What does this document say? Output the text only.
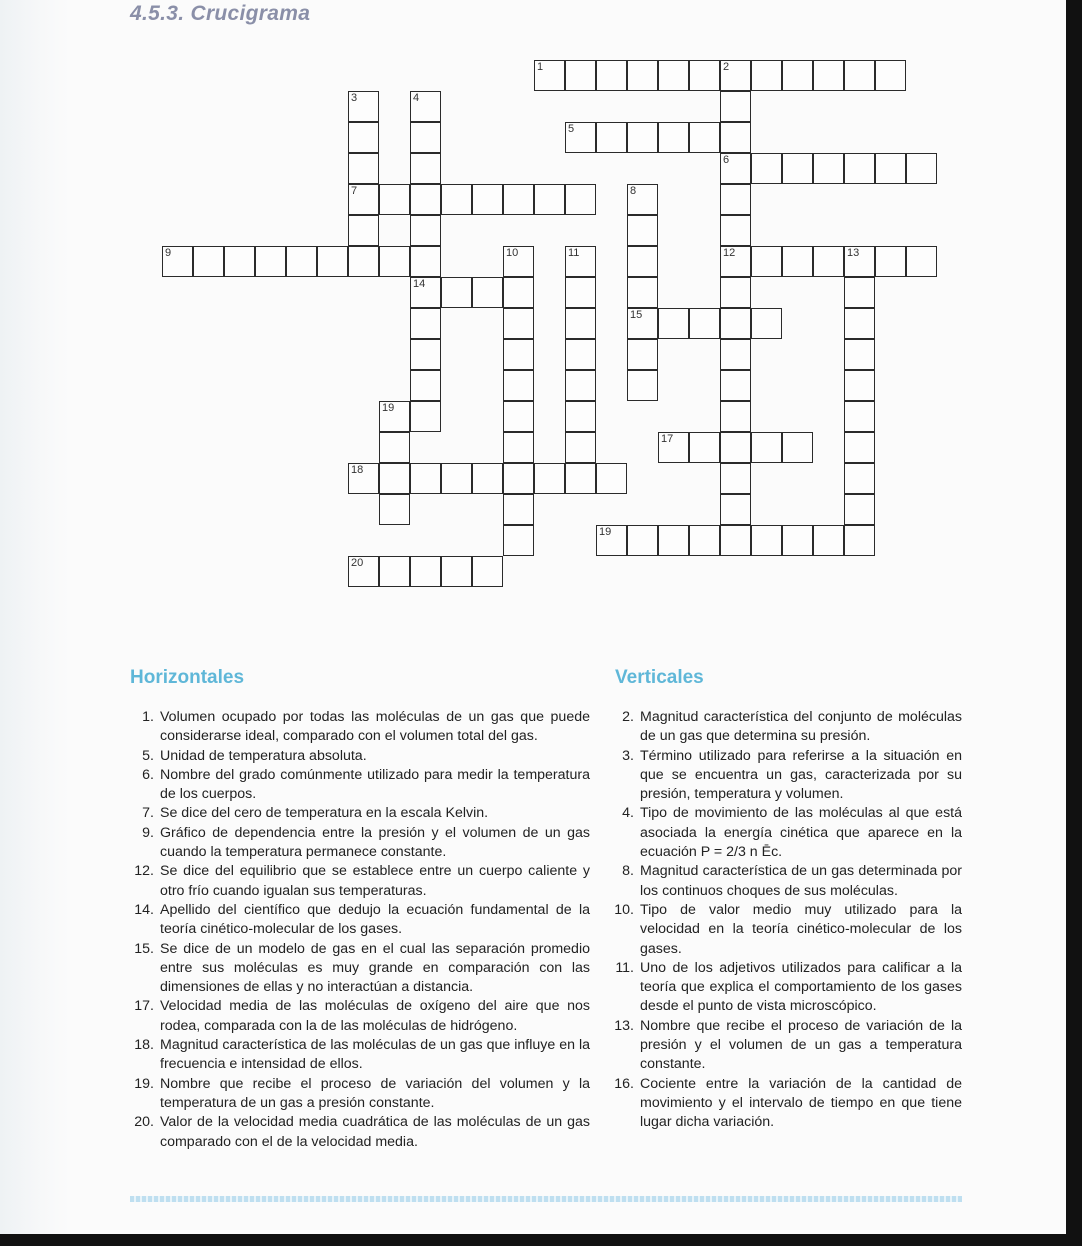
4.5.3. Crucigrama
1	2
6
12
3
7
4
14
5
8
15
9	10	11	13
17
18
19
19
20
Horizontales	Verticales
1. Volumen ocupado por todas las moléculas de un gas que puede considerarse ideal, comparado con el volumen total del gas.
5. Unidad de temperatura absoluta.
6. Nombre del grado comúnmente utilizado para medir la temperatura de los cuerpos.
7. Se dice del cero de temperatura en la escala Kelvin.
9. Gráfico de dependencia entre la presión y el volumen de un gas cuando la temperatura permanece constante.
12. Se dice del equilibrio que se establece entre un cuerpo caliente y otro frío cuando igualan sus temperaturas.
14. Apellido del científico que dedujo la ecuación fundamental de la teoría cinético-molecular de los gases.
15. Se dice de un modelo de gas en el cual las separación promedio entre sus moléculas es muy grande en comparación con las dimensiones de ellas y no interactúan a distancia.
17. Velocidad media de las moléculas de oxígeno del aire que nos rodea, comparada con la de las moléculas de hidrógeno.
18. Magnitud característica de las moléculas de un gas que influye en la frecuencia e intensidad de ellos.
19. Nombre que recibe el proceso de variación del volumen y la temperatura de un gas a presión constante.
20. Valor de la velocidad media cuadrática de las moléculas de un gas comparado con el de la velocidad media.
2. Magnitud característica del conjunto de moléculas de un gas que determina su presión.
3. Término utilizado para referirse a la situación en que se encuentra un gas, caracterizada por su presión, temperatura y volumen.
4. Tipo de movimiento de las moléculas al que está asociada la energía cinética que aparece en la ecuación P = 2/3 n Ēc.
8. Magnitud característica de un gas determinada por los continuos choques de sus moléculas.
10. Tipo de valor medio muy utilizado para la velocidad en la teoría cinético-molecular de los gases.
11. Uno de los adjetivos utilizados para calificar a la teoría que explica el comportamiento de los gases desde el punto de vista microscópico.
13. Nombre que recibe el proceso de variación de la presión y el volumen de un gas a temperatura constante.
16. Cociente entre la variación de la cantidad de movimiento y el intervalo de tiempo en que tiene lugar dicha variación.
